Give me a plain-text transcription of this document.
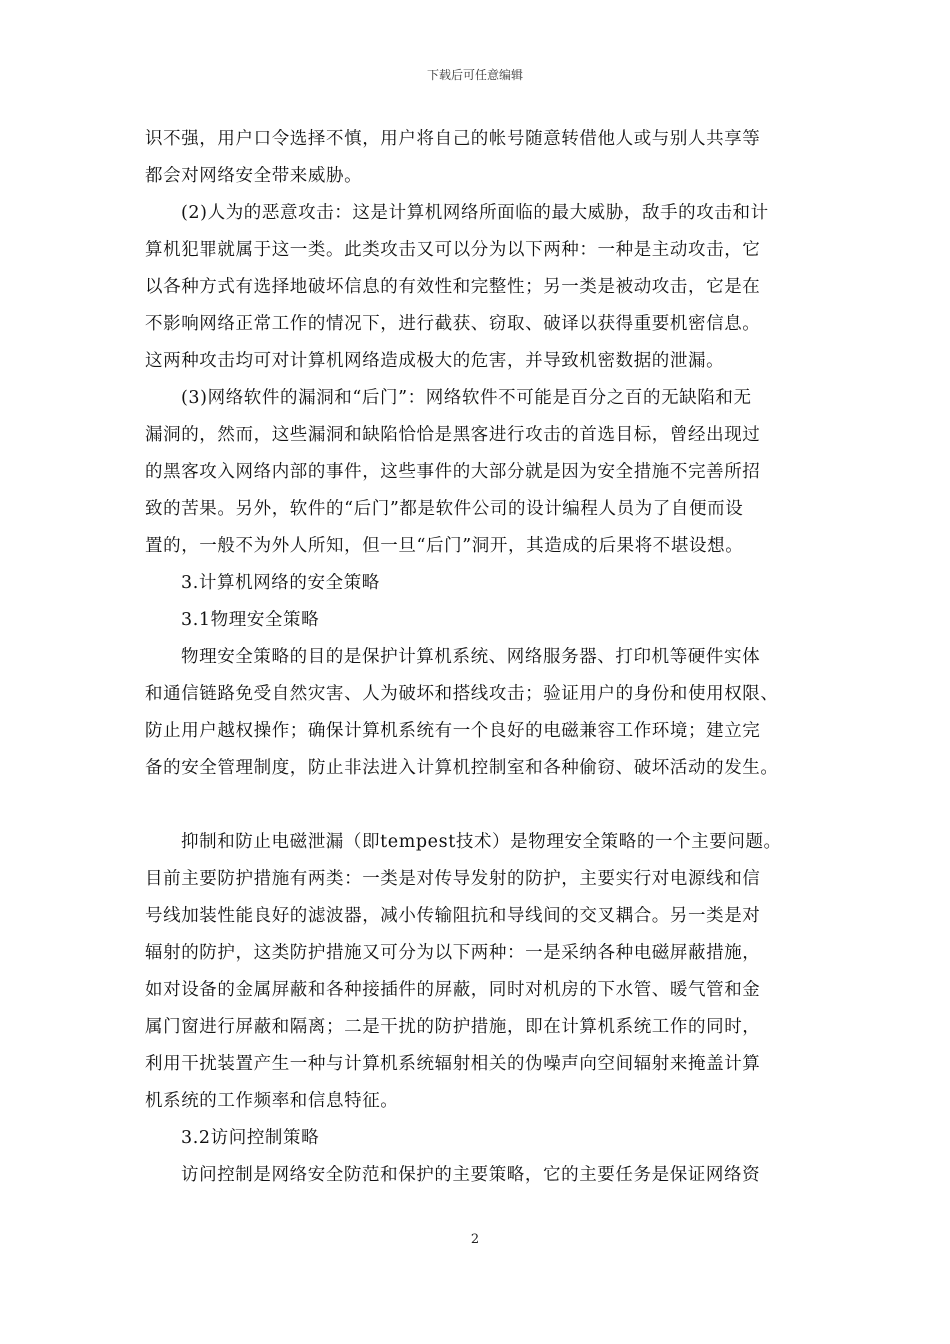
下载后可任意编辑

识不强，用户口令选择不慎，用户将自己的帐号随意转借他人或与别人共享等

都会对网络安全带来威胁。

(2)人为的恶意攻击：这是计算机网络所面临的最大威胁，敌手的攻击和计

算机犯罪就属于这一类。此类攻击又可以分为以下两种：一种是主动攻击，它

以各种方式有选择地破坏信息的有效性和完整性；另一类是被动攻击，它是在

不影响网络正常工作的情况下，进行截获、窃取、破译以获得重要机密信息。

这两种攻击均可对计算机网络造成极大的危害，并导致机密数据的泄漏。

(3)网络软件的漏洞和“后门”：网络软件不可能是百分之百的无缺陷和无

漏洞的，然而，这些漏洞和缺陷恰恰是黑客进行攻击的首选目标，曾经出现过

的黑客攻入网络内部的事件，这些事件的大部分就是因为安全措施不完善所招

致的苦果。另外，软件的“后门”都是软件公司的设计编程人员为了自便而设

置的，一般不为外人所知，但一旦“后门”洞开，其造成的后果将不堪设想。

3.计算机网络的安全策略

3.1物理安全策略

物理安全策略的目的是保护计算机系统、网络服务器、打印机等硬件实体

和通信链路免受自然灾害、人为破坏和搭线攻击；验证用户的身份和使用权限、

防止用户越权操作；确保计算机系统有一个良好的电磁兼容工作环境；建立完

备的安全管理制度，防止非法进入计算机控制室和各种偷窃、破坏活动的发生。

抑制和防止电磁泄漏（即tempest技术）是物理安全策略的一个主要问题。

目前主要防护措施有两类：一类是对传导发射的防护，主要实行对电源线和信

号线加装性能良好的滤波器，减小传输阻抗和导线间的交叉耦合。另一类是对

辐射的防护，这类防护措施又可分为以下两种：一是采纳各种电磁屏蔽措施，

如对设备的金属屏蔽和各种接插件的屏蔽，同时对机房的下水管、暖气管和金

属门窗进行屏蔽和隔离；二是干扰的防护措施，即在计算机系统工作的同时，

利用干扰装置产生一种与计算机系统辐射相关的伪噪声向空间辐射来掩盖计算

机系统的工作频率和信息特征。

3.2访问控制策略

访问控制是网络安全防范和保护的主要策略，它的主要任务是保证网络资

2
